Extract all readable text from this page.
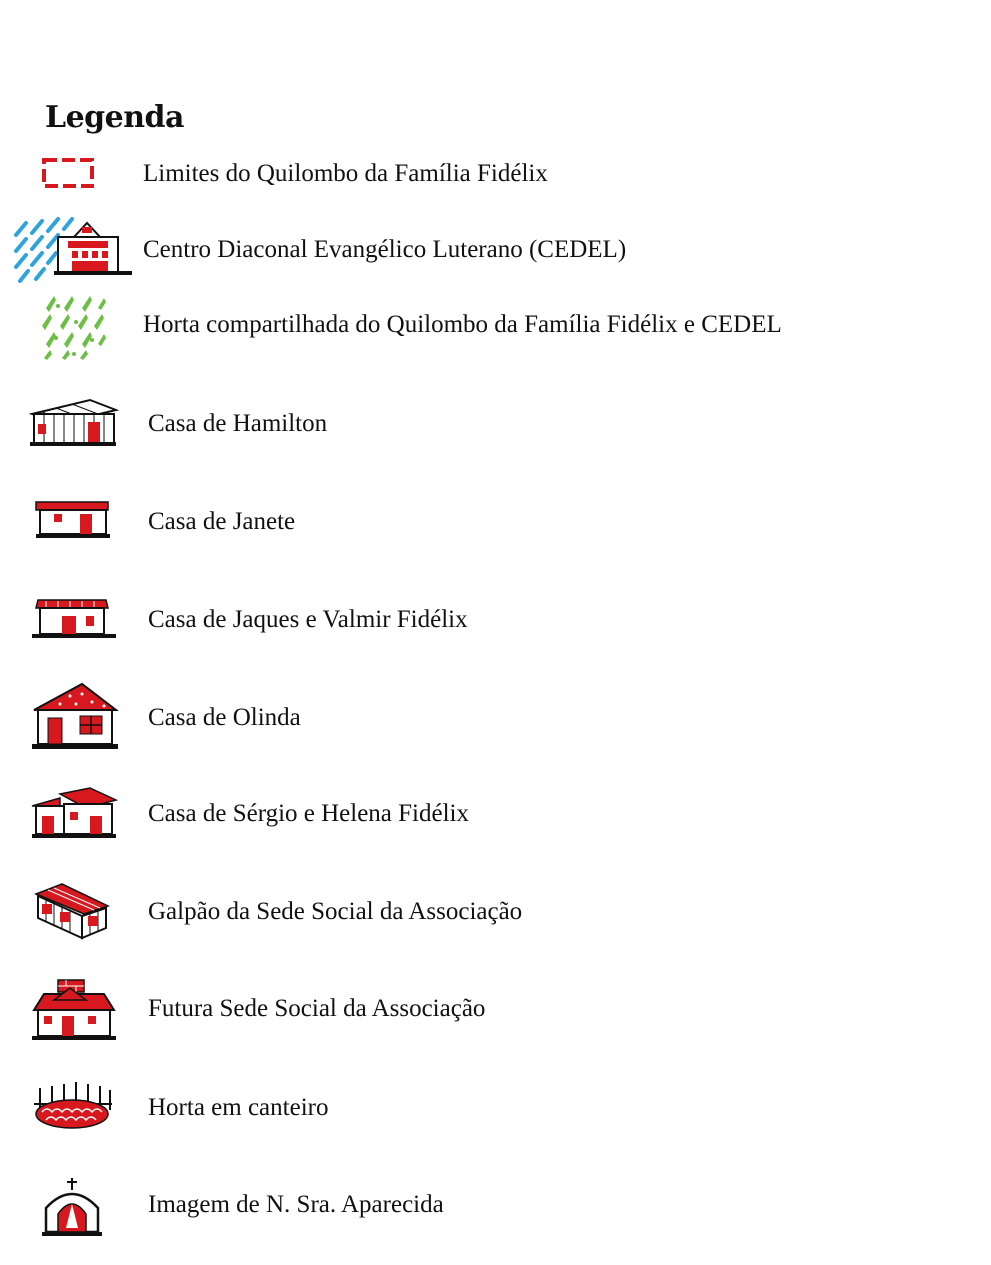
Legenda
Limites do Quilombo da Família Fidélix
Centro Diaconal Evangélico Luterano (CEDEL)
Horta compartilhada do Quilombo da Família Fidélix e CEDEL
Casa de Hamilton
Casa de Janete
Casa de Jaques e Valmir Fidélix
Casa de Olinda
Casa de Sérgio e Helena Fidélix
Galpão da Sede Social da Associação
Futura Sede Social da Associação
Horta em canteiro
Imagem de N. Sra. Aparecida
